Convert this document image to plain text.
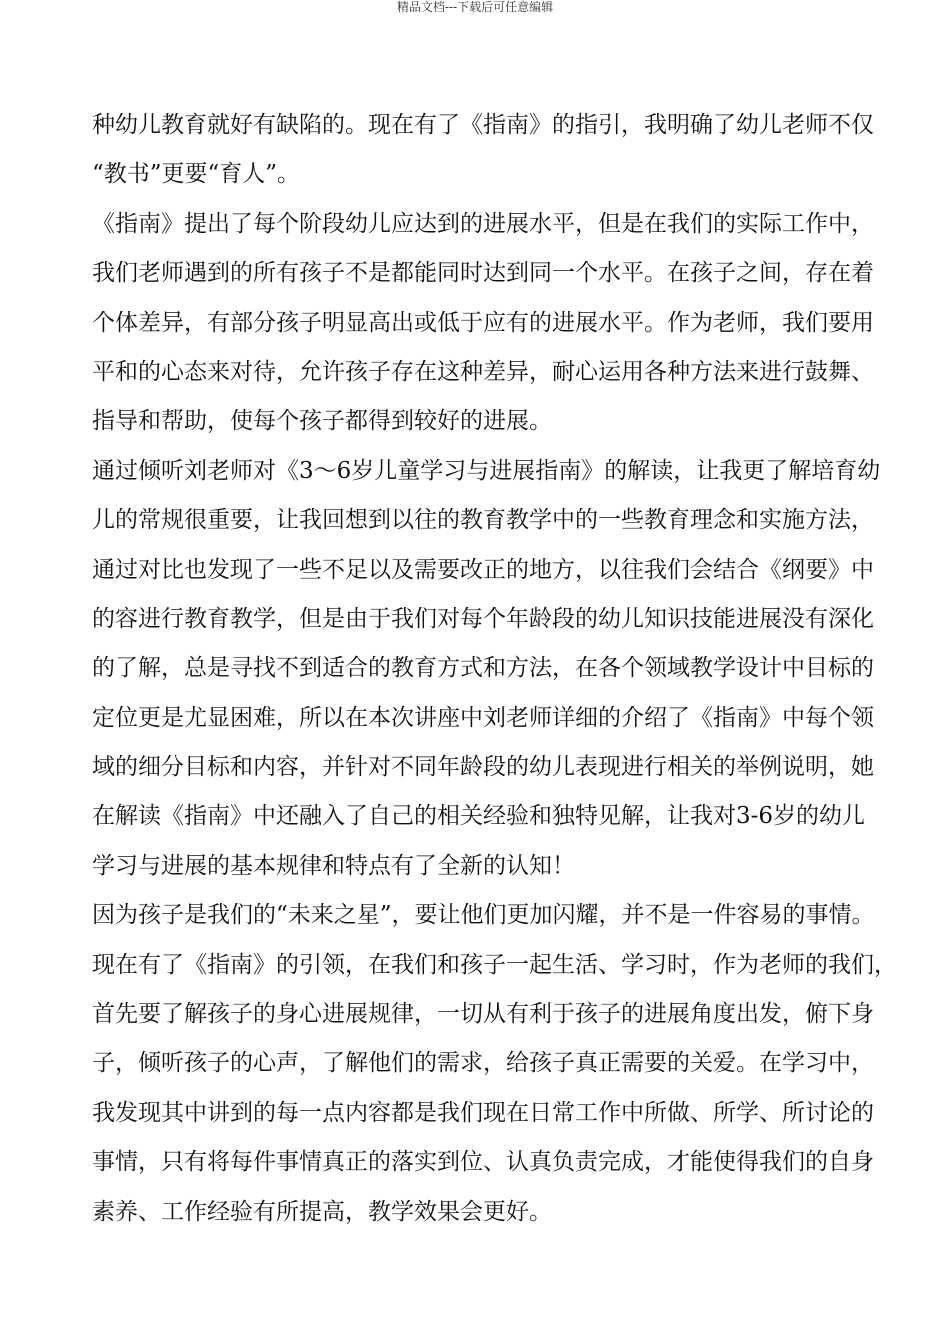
精品文档---下载后可任意编辑
种幼儿教育就好有缺陷的。现在有了《指南》的指引，我明确了幼儿老师不仅
“教书”更要“育人”。
《指南》提出了每个阶段幼儿应达到的进展水平，但是在我们的实际工作中，
我们老师遇到的所有孩子不是都能同时达到同一个水平。在孩子之间，存在着
个体差异，有部分孩子明显高出或低于应有的进展水平。作为老师，我们要用
平和的心态来对待，允许孩子存在这种差异，耐心运用各种方法来进行鼓舞、
指导和帮助，使每个孩子都得到较好的进展。
通过倾听刘老师对《3～6岁儿童学习与进展指南》的解读，让我更了解培育幼
儿的常规很重要，让我回想到以往的教育教学中的一些教育理念和实施方法，
通过对比也发现了一些不足以及需要改正的地方，以往我们会结合《纲要》中
的容进行教育教学，但是由于我们对每个年龄段的幼儿知识技能进展没有深化
的了解，总是寻找不到适合的教育方式和方法，在各个领域教学设计中目标的
定位更是尤显困难，所以在本次讲座中刘老师详细的介绍了《指南》中每个领
域的细分目标和内容，并针对不同年龄段的幼儿表现进行相关的举例说明，她
在解读《指南》中还融入了自己的相关经验和独特见解，让我对3-6岁的幼儿
学习与进展的基本规律和特点有了全新的认知！
因为孩子是我们的“未来之星”，要让他们更加闪耀，并不是一件容易的事情。
现在有了《指南》的引领，在我们和孩子一起生活、学习时，作为老师的我们，
首先要了解孩子的身心进展规律，一切从有利于孩子的进展角度出发，俯下身
子，倾听孩子的心声，了解他们的需求，给孩子真正需要的关爱。在学习中，
我发现其中讲到的每一点内容都是我们现在日常工作中所做、所学、所讨论的
事情，只有将每件事情真正的落实到位、认真负责完成，才能使得我们的自身
素养、工作经验有所提高，教学效果会更好。
